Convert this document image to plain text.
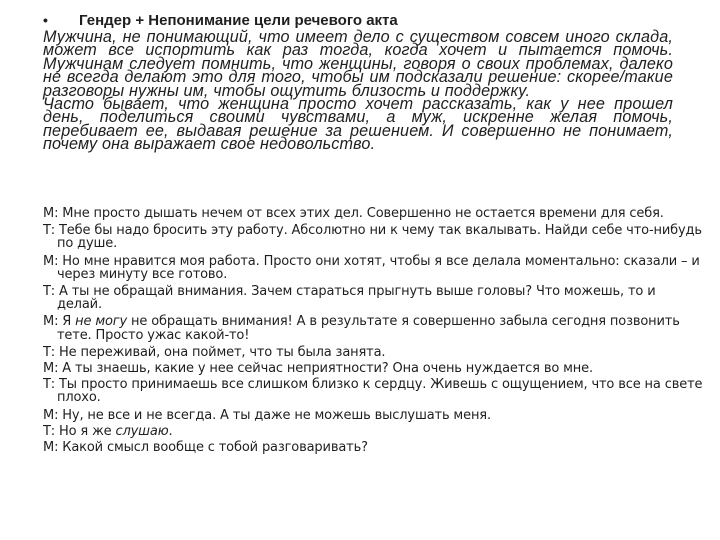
• Гендер + Непонимание цели речевого акта

Мужчина, не понимающий, что имеет дело с существом совсем иного склада, может все испортить как раз тогда, когда хочет и пытается помочь. Мужчинам следует помнить, что женщины, говоря о своих проблемах, далеко не всегда делают это для того, чтобы им подсказали решение: скорее/такие разговоры нужны им, чтобы ощутить близость и поддержку.

Часто бывает, что женщина просто хочет рассказать, как у нее прошел день, поделиться своими чувствами, а муж, искренне желая помочь, перебивает ее, выдавая решение за решением. И совершенно не понимает, почему она выражает свое недовольство.

М: Мне просто дышать нечем от всех этих дел. Совершенно не остается времени для себя.

Т: Тебе бы надо бросить эту работу. Абсолютно ни к чему так вкалывать. Найди себе что-нибудь по душе.

М: Но мне нравится моя работа. Просто они хотят, чтобы я все делала моментально: сказали – и через минуту все готово.

Т: А ты не обращай внимания. Зачем стараться прыгнуть выше головы? Что можешь, то и делай.

М: Я не могу не обращать внимания! А в результате я совершенно забыла сегодня позвонить тете. Просто ужас какой-то!

Т: Не переживай, она поймет, что ты была занята.

М: А ты знаешь, какие у нее сейчас неприятности? Она очень нуждается во мне.

Т: Ты просто принимаешь все слишком близко к сердцу. Живешь с ощущением, что все на свете плохо.

М: Ну, не все и не всегда. А ты даже не можешь выслушать меня.

Т: Но я же слушаю.

М: Какой смысл вообще с тобой разговаривать?
